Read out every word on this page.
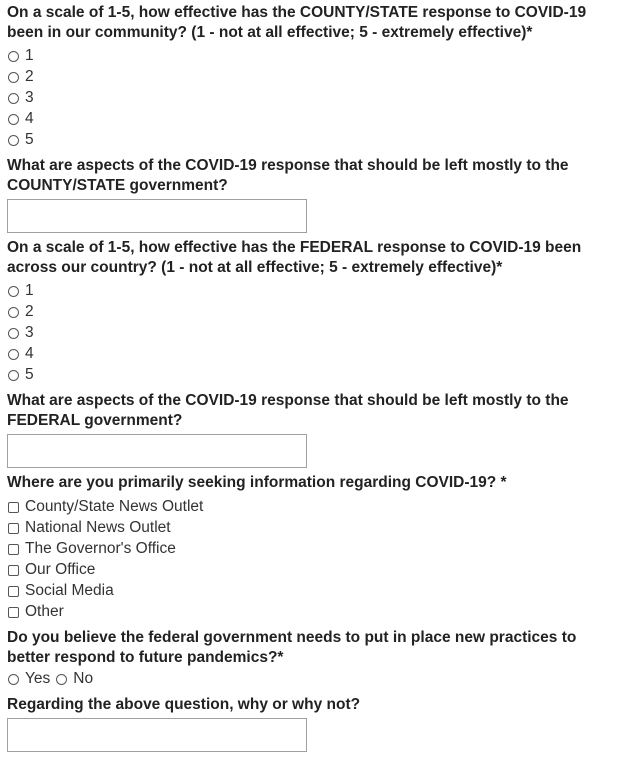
On a scale of 1-5, how effective has the COUNTY/STATE response to COVID-19 been in our community? (1 - not at all effective; 5 - extremely effective)*
1
2
3
4
5
What are aspects of the COVID-19 response that should be left mostly to the COUNTY/STATE government?
On a scale of 1-5, how effective has the FEDERAL response to COVID-19 been across our country? (1 - not at all effective; 5 - extremely effective)*
1
2
3
4
5
What are aspects of the COVID-19 response that should be left mostly to the FEDERAL government?
Where are you primarily seeking information regarding COVID-19? *
County/State News Outlet
National News Outlet
The Governor's Office
Our Office
Social Media
Other
Do you believe the federal government needs to put in place new practices to better respond to future pandemics?*
Yes No
Regarding the above question, why or why not?
